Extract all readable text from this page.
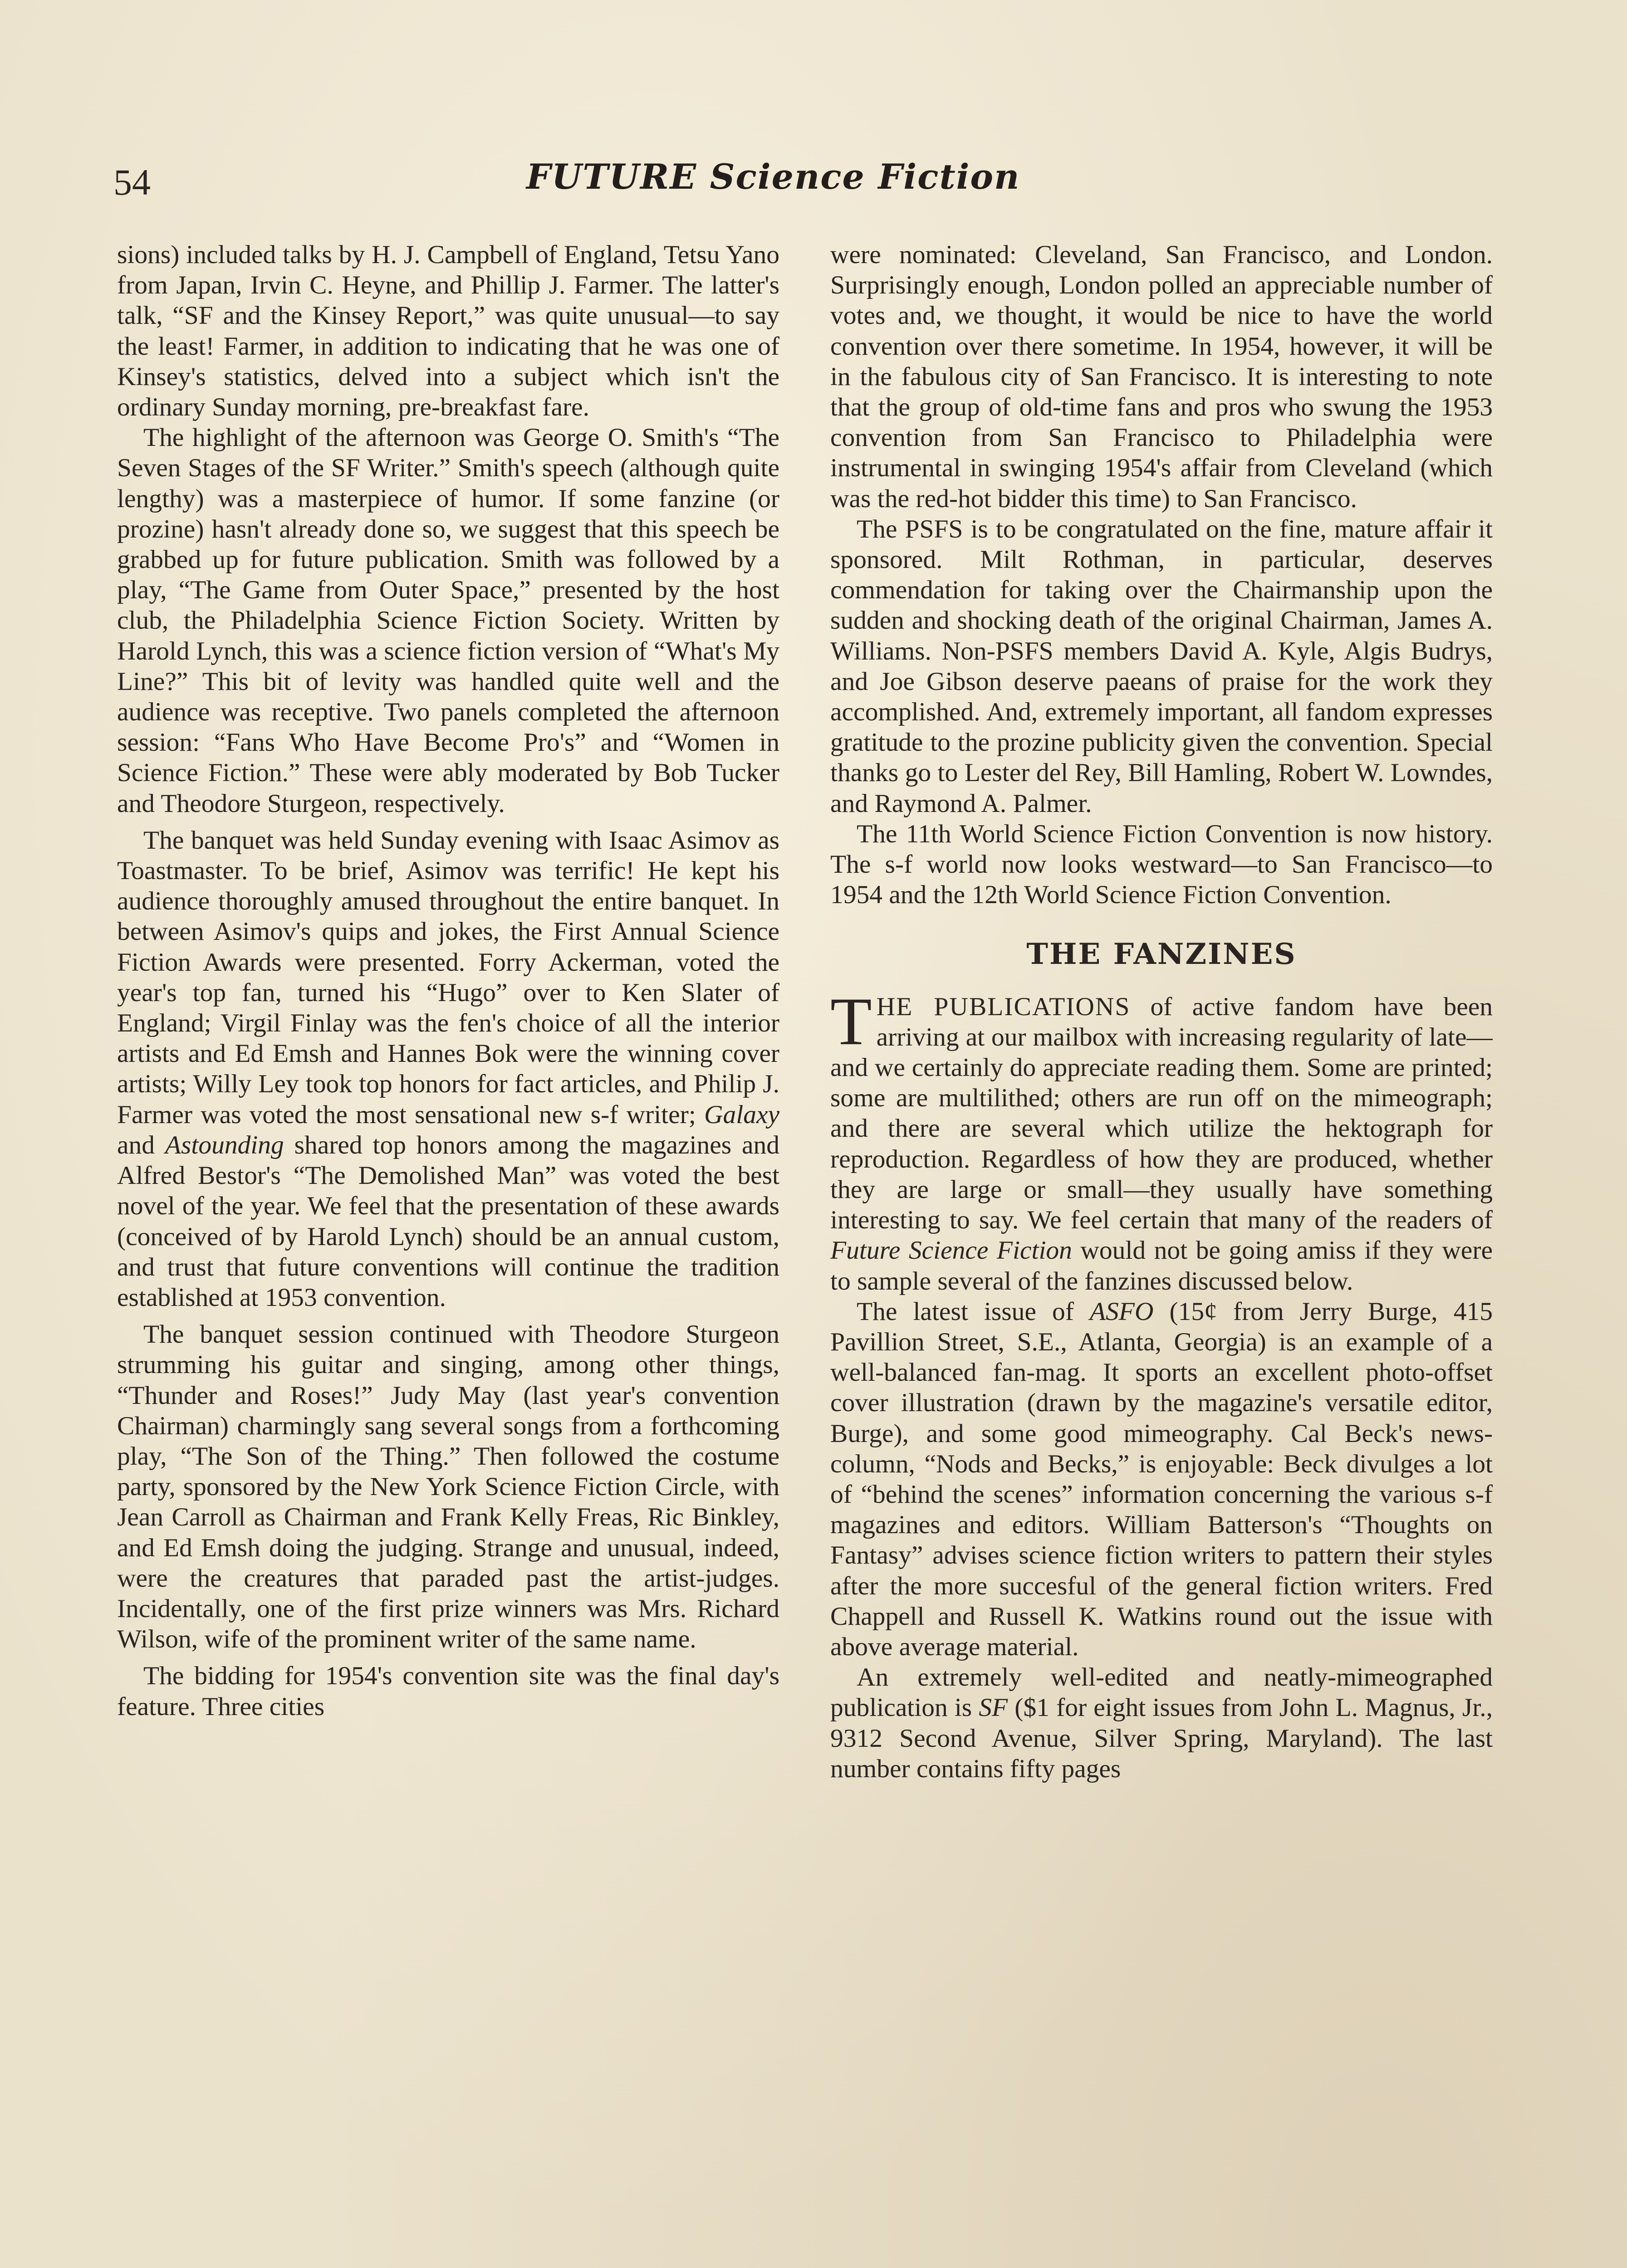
54	FUTURE Science Fiction

sions) included talks by H. J. Campbell of England, Tetsu Yano from Japan, Irvin C. Heyne, and Phillip J. Farmer. The latter's talk, “SF and the Kinsey Report,” was quite unusual—to say the least! Farmer, in addition to indicating that he was one of Kinsey's statistics, delved into a subject which isn't the ordinary Sunday morning, pre-breakfast fare.

The highlight of the afternoon was George O. Smith's “The Seven Stages of the SF Writer.” Smith's speech (although quite lengthy) was a masterpiece of humor. If some fanzine (or prozine) hasn't already done so, we suggest that this speech be grabbed up for future publication. Smith was followed by a play, “The Game from Outer Space,” presented by the host club, the Philadelphia Science Fiction Society. Written by Harold Lynch, this was a science fiction version of “What's My Line?” This bit of levity was handled quite well and the audience was receptive. Two panels completed the afternoon session: “Fans Who Have Become Pro's” and “Women in Science Fiction.” These were ably moderated by Bob Tucker and Theodore Sturgeon, respectively.

The banquet was held Sunday evening with Isaac Asimov as Toastmaster. To be brief, Asimov was terrific! He kept his audience thoroughly amused throughout the entire banquet. In between Asimov's quips and jokes, the First Annual Science Fiction Awards were presented. Forry Ackerman, voted the year's top fan, turned his “Hugo” over to Ken Slater of England; Virgil Finlay was the fen's choice of all the interior artists and Ed Emsh and Hannes Bok were the winning cover artists; Willy Ley took top honors for fact articles, and Philip J. Farmer was voted the most sensational new s-f writer; Galaxy and Astounding shared top honors among the magazines and Alfred Bestor's “The Demolished Man” was voted the best novel of the year. We feel that the presentation of these awards (conceived of by Harold Lynch) should be an annual custom, and trust that future conventions will continue the tradition established at 1953 convention.

The banquet session continued with Theodore Sturgeon strumming his guitar and singing, among other things, “Thunder and Roses!” Judy May (last year's convention Chairman) charmingly sang several songs from a forthcoming play, “The Son of the Thing.” Then followed the costume party, sponsored by the New York Science Fiction Circle, with Jean Carroll as Chairman and Frank Kelly Freas, Ric Binkley, and Ed Emsh doing the judging. Strange and unusual, indeed, were the creatures that paraded past the artist-judges. Incidentally, one of the first prize winners was Mrs. Richard Wilson, wife of the prominent writer of the same name.

The bidding for 1954's convention site was the final day's feature. Three cities

were nominated: Cleveland, San Francisco, and London. Surprisingly enough, London polled an appreciable number of votes and, we thought, it would be nice to have the world convention over there sometime. In 1954, however, it will be in the fabulous city of San Francisco. It is interesting to note that the group of old-time fans and pros who swung the 1953 convention from San Francisco to Philadelphia were instrumental in swinging 1954's affair from Cleveland (which was the red-hot bidder this time) to San Francisco.

The PSFS is to be congratulated on the fine, mature affair it sponsored. Milt Rothman, in particular, deserves commendation for taking over the Chairmanship upon the sudden and shocking death of the original Chairman, James A. Williams. Non-PSFS members David A. Kyle, Algis Budrys, and Joe Gibson deserve paeans of praise for the work they accomplished. And, extremely important, all fandom expresses gratitude to the prozine publicity given the convention. Special thanks go to Lester del Rey, Bill Hamling, Robert W. Lowndes, and Raymond A. Palmer.

The 11th World Science Fiction Convention is now history. The s-f world now looks westward—to San Francisco—to 1954 and the 12th World Science Fiction Convention.

THE FANZINES

THE PUBLICATIONS of active fandom have been arriving at our mailbox with increasing regularity of late—and we certainly do appreciate reading them. Some are printed; some are multilithed; others are run off on the mimeograph; and there are several which utilize the hektograph for reproduction. Regardless of how they are produced, whether they are large or small—they usually have something interesting to say. We feel certain that many of the readers of Future Science Fiction would not be going amiss if they were to sample several of the fanzines discussed below.

The latest issue of ASFO (15¢ from Jerry Burge, 415 Pavillion Street, S.E., Atlanta, Georgia) is an example of a well-balanced fan-mag. It sports an excellent photo-offset cover illustration (drawn by the magazine's versatile editor, Burge), and some good mimeography. Cal Beck's news-column, “Nods and Becks,” is enjoyable: Beck divulges a lot of “behind the scenes” information concerning the various s-f magazines and editors. William Batterson's “Thoughts on Fantasy” advises science fiction writers to pattern their styles after the more succesful of the general fiction writers. Fred Chappell and Russell K. Watkins round out the issue with above average material.

An extremely well-edited and neatly-mimeographed publication is SF ($1 for eight issues from John L. Magnus, Jr., 9312 Second Avenue, Silver Spring, Maryland). The last number contains fifty pages
